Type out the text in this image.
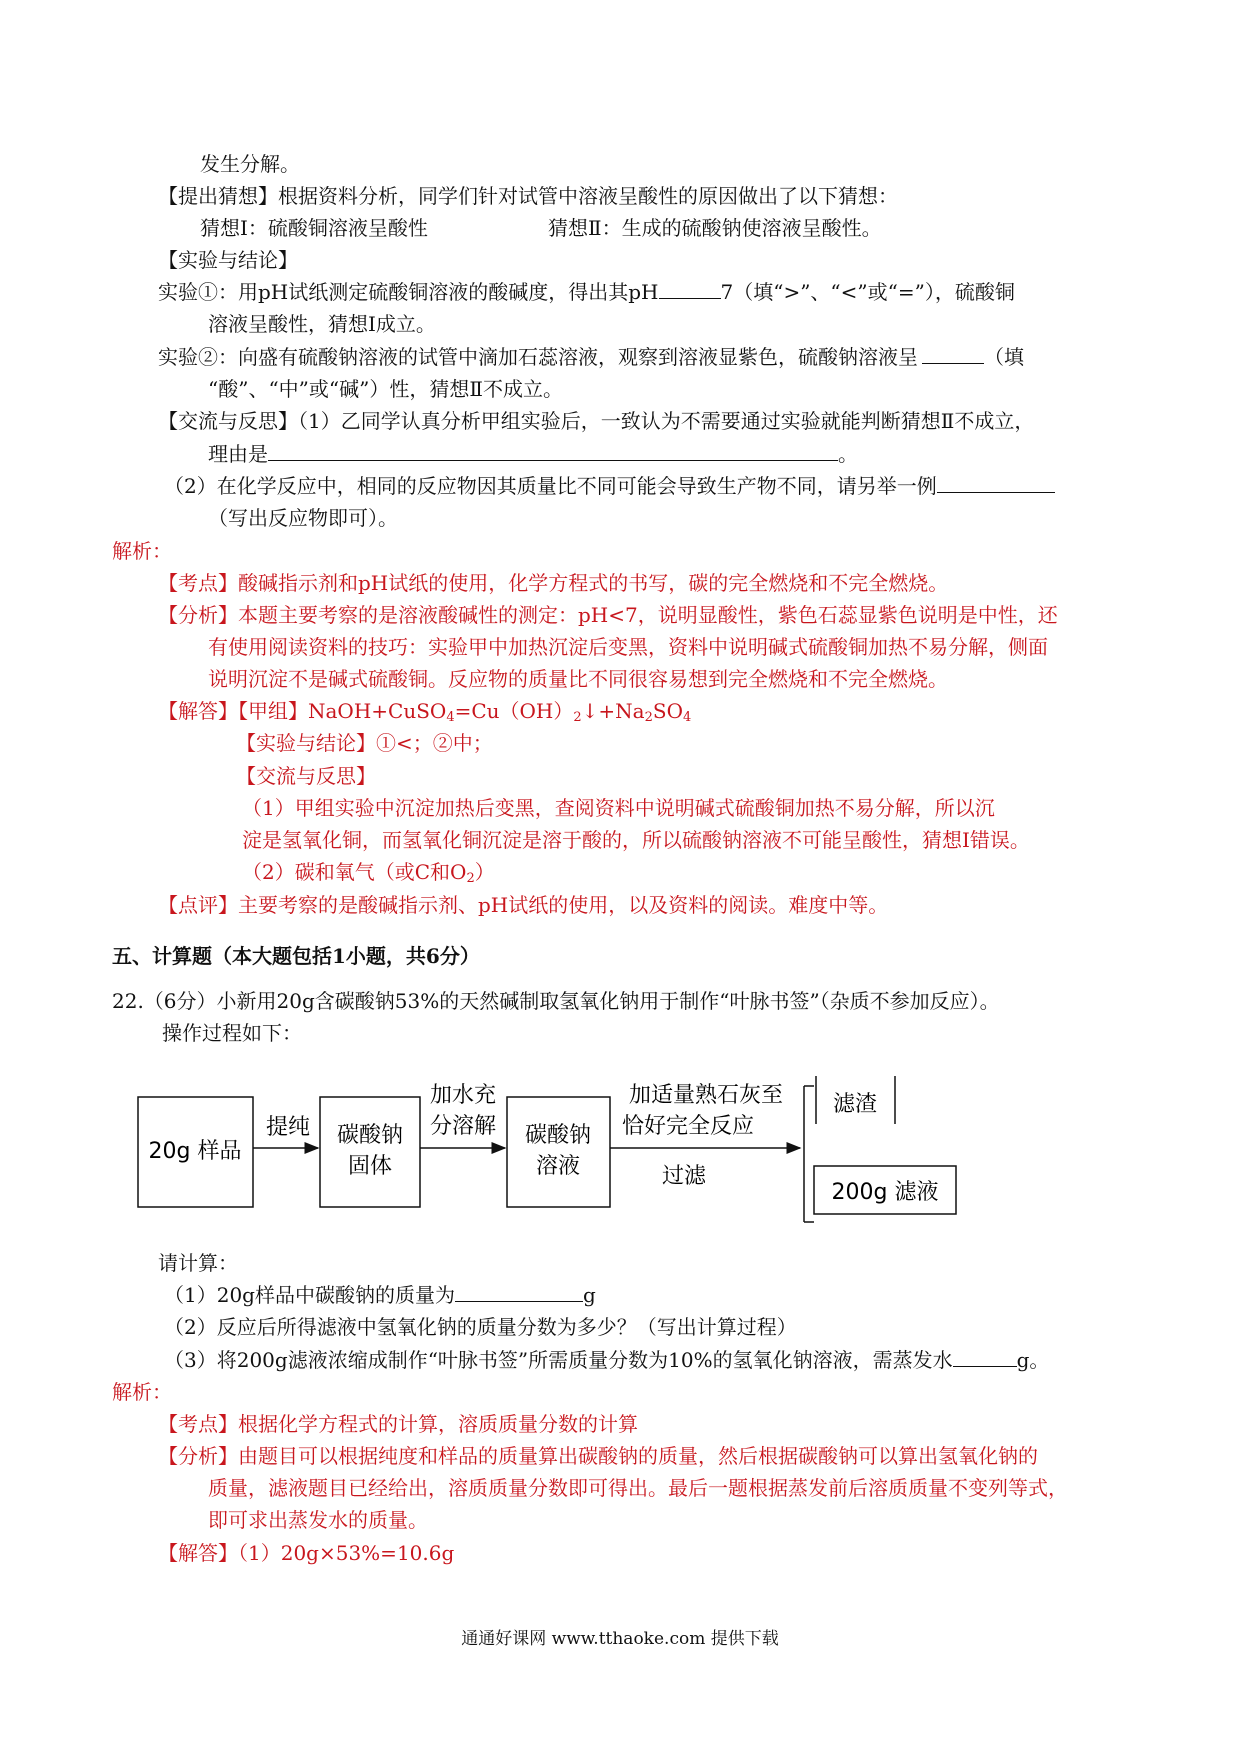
发生分解。
【提出猜想】根据资料分析，同学们针对试管中溶液呈酸性的原因做出了以下猜想：
猜想Ⅰ：硫酸铜溶液呈酸性	猜想Ⅱ：生成的硫酸钠使溶液呈酸性。
【实验与结论】
实验①：用pH试纸测定硫酸铜溶液的酸碱度，得出其pH	7（填“>”、“<”或“=”），硫酸铜
溶液呈酸性，猜想Ⅰ成立。
实验②：向盛有硫酸钠溶液的试管中滴加石蕊溶液，观察到溶液显紫色，硫酸钠溶液呈	（填
“酸”、“中”或“碱”）性，猜想Ⅱ不成立。
【交流与反思】（1）乙同学认真分析甲组实验后，一致认为不需要通过实验就能判断猜想Ⅱ不成立，
理由是	。
（2）在化学反应中，相同的反应物因其质量比不同可能会导致生产物不同，请另举一例
（写出反应物即可）。
解析：
【考点】酸碱指示剂和pH试纸的使用，化学方程式的书写，碳的完全燃烧和不完全燃烧。
【分析】本题主要考察的是溶液酸碱性的测定：pH<7，说明显酸性，紫色石蕊显紫色说明是中性，还
有使用阅读资料的技巧：实验甲中加热沉淀后变黑，资料中说明碱式硫酸铜加热不易分解，侧面
说明沉淀不是碱式硫酸铜。反应物的质量比不同很容易想到完全燃烧和不完全燃烧。
【解答】【甲组】$NaOH+CuSO_4=Cu(OH)_2↓+Na_2SO_4$
【实验与结论】①<；②中；
【交流与反思】
（1）甲组实验中沉淀加热后变黑，查阅资料中说明碱式硫酸铜加热不易分解，所以沉
淀是氢氧化铜，而氢氧化铜沉淀是溶于酸的，所以硫酸钠溶液不可能呈酸性，猜想Ⅰ错误。
（2）碳和氧气（或C和$O_2$）
【点评】主要考察的是酸碱指示剂、pH试纸的使用，以及资料的阅读。难度中等。
五、计算题（本大题包括1小题，共6分）
22.（6分）小新用20g含碳酸钠53%的天然碱制取氢氧化钠用于制作“叶脉书签”（杂质不参加反应）。
操作过程如下：
20g 样品
提纯 碳酸钠
固体
加水充
分溶解 碳酸钠
溶液
加适量熟石灰至
恰好完全反应
过滤
滤渣
200g 滤液
请计算：
（1）20g样品中碳酸钠的质量为	g
（2）反应后所得滤液中氢氧化钠的质量分数为多少？（写出计算过程）
（3）将200g滤液浓缩成制作“叶脉书签”所需质量分数为10%的氢氧化钠溶液，需蒸发水	g。
解析：
【考点】根据化学方程式的计算，溶质质量分数的计算
【分析】由题目可以根据纯度和样品的质量算出碳酸钠的质量，然后根据碳酸钠可以算出氢氧化钠的
质量，滤液题目已经给出，溶质质量分数即可得出。最后一题根据蒸发前后溶质质量不变列等式，
即可求出蒸发水的质量。
【解答】（1）20g×53%=10.6g
通通好课网 www.tthaoke.com 提供下载
